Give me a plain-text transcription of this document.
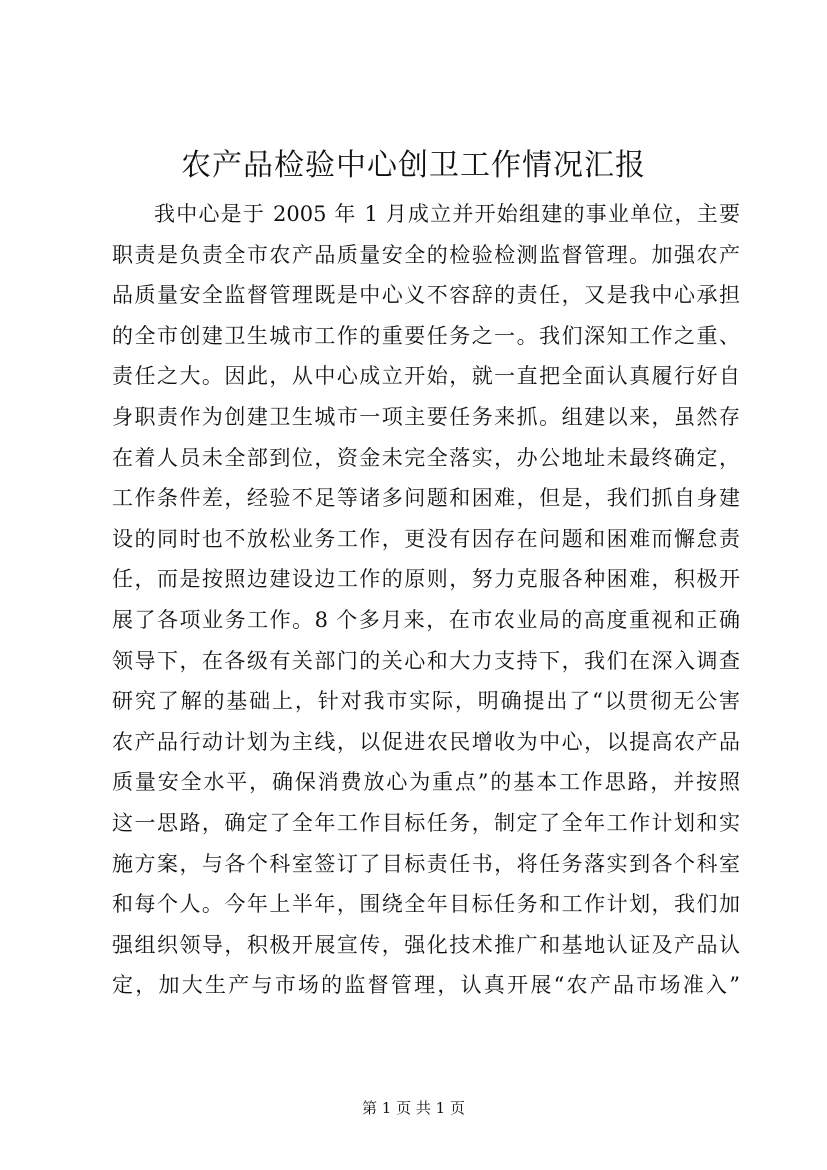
农产品检验中心创卫工作情况汇报
我中心是于 2005 年 1 月成立并开始组建的事业单位，主要
职责是负责全市农产品质量安全的检验检测监督管理。加强农产
品质量安全监督管理既是中心义不容辞的责任，又是我中心承担
的全市创建卫生城市工作的重要任务之一。我们深知工作之重、
责任之大。因此，从中心成立开始，就一直把全面认真履行好自
身职责作为创建卫生城市一项主要任务来抓。组建以来，虽然存
在着人员未全部到位，资金未完全落实，办公地址未最终确定，
工作条件差，经验不足等诸多问题和困难，但是，我们抓自身建
设的同时也不放松业务工作，更没有因存在问题和困难而懈怠责
任，而是按照边建设边工作的原则，努力克服各种困难，积极开
展了各项业务工作。8 个多月来，在市农业局的高度重视和正确
领导下，在各级有关部门的关心和大力支持下，我们在深入调查
研究了解的基础上，针对我市实际，明确提出了“以贯彻无公害
农产品行动计划为主线，以促进农民增收为中心，以提高农产品
质量安全水平，确保消费放心为重点”的基本工作思路，并按照
这一思路，确定了全年工作目标任务，制定了全年工作计划和实
施方案，与各个科室签订了目标责任书，将任务落实到各个科室
和每个人。今年上半年，围绕全年目标任务和工作计划，我们加
强组织领导，积极开展宣传，强化技术推广和基地认证及产品认
定，加大生产与市场的监督管理，认真开展“农产品市场准入”
第 1 页 共 1 页
